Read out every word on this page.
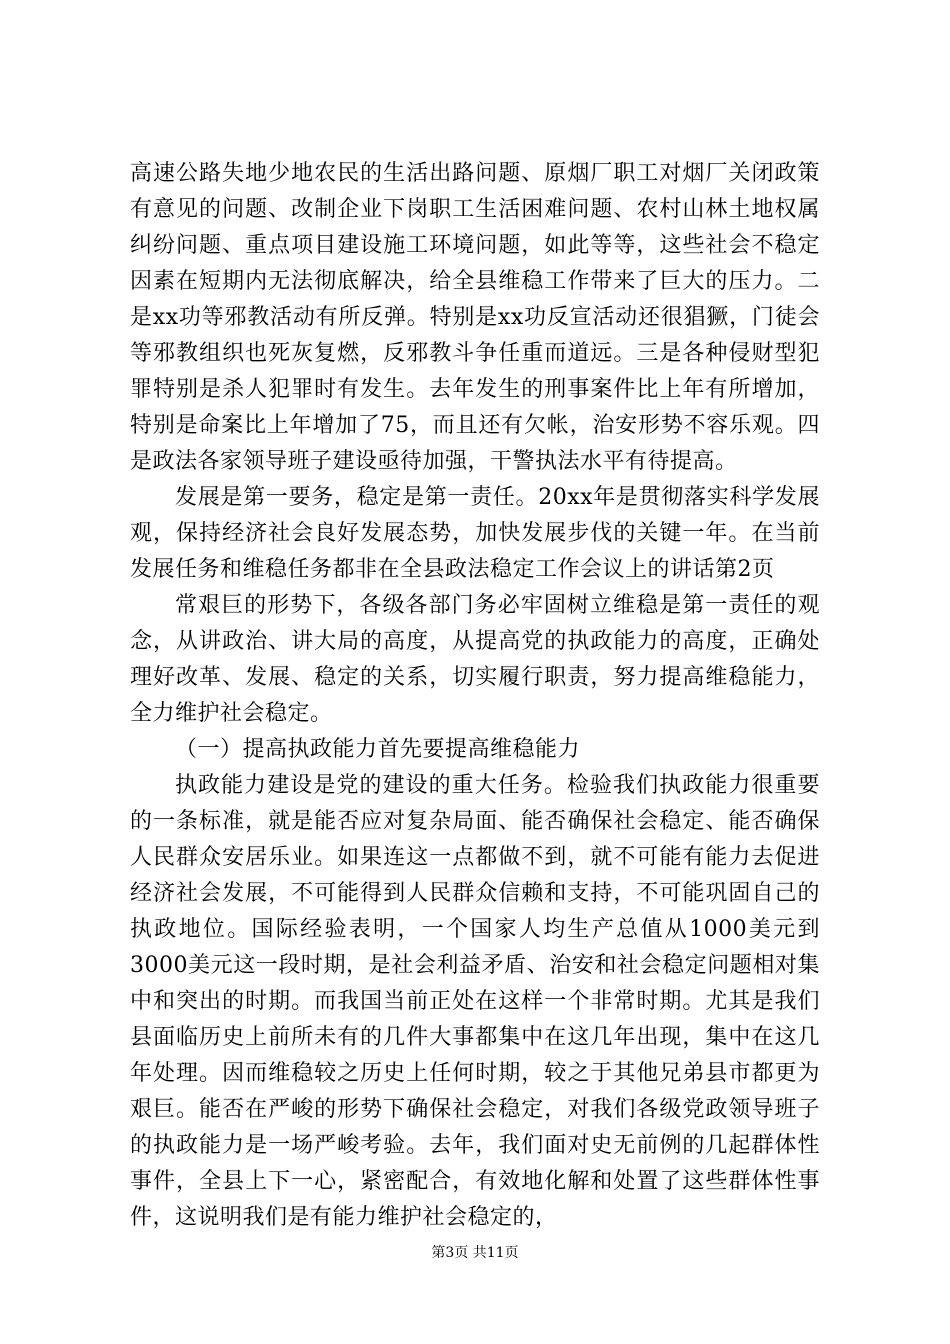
高速公路失地少地农民的生活出路问题、原烟厂职工对烟厂关闭政策有意见的问题、改制企业下岗职工生活困难问题、农村山林土地权属纠纷问题、重点项目建设施工环境问题，如此等等，这些社会不稳定因素在短期内无法彻底解决，给全县维稳工作带来了巨大的压力。二是xx功等邪教活动有所反弹。特别是xx功反宣活动还很猖獗，门徒会等邪教组织也死灰复燃，反邪教斗争任重而道远。三是各种侵财型犯罪特别是杀人犯罪时有发生。去年发生的刑事案件比上年有所增加，特别是命案比上年增加了75，而且还有欠帐，治安形势不容乐观。四是政法各家领导班子建设亟待加强，干警执法水平有待提高。

发展是第一要务，稳定是第一责任。20xx年是贯彻落实科学发展观，保持经济社会良好发展态势，加快发展步伐的关键一年。在当前发展任务和维稳任务都非在全县政法稳定工作会议上的讲话第2页

常艰巨的形势下，各级各部门务必牢固树立维稳是第一责任的观念，从讲政治、讲大局的高度，从提高党的执政能力的高度，正确处理好改革、发展、稳定的关系，切实履行职责，努力提高维稳能力，全力维护社会稳定。

（一）提高执政能力首先要提高维稳能力

执政能力建设是党的建设的重大任务。检验我们执政能力很重要的一条标准，就是能否应对复杂局面、能否确保社会稳定、能否确保人民群众安居乐业。如果连这一点都做不到，就不可能有能力去促进经济社会发展，不可能得到人民群众信赖和支持，不可能巩固自己的执政地位。国际经验表明，一个国家人均生产总值从1000美元到3000美元这一段时期，是社会利益矛盾、治安和社会稳定问题相对集中和突出的时期。而我国当前正处在这样一个非常时期。尤其是我们县面临历史上前所未有的几件大事都集中在这几年出现，集中在这几年处理。因而维稳较之历史上任何时期，较之于其他兄弟县市都更为艰巨。能否在严峻的形势下确保社会稳定，对我们各级党政领导班子的执政能力是一场严峻考验。去年，我们面对史无前例的几起群体性事件，全县上下一心，紧密配合，有效地化解和处置了这些群体性事件，这说明我们是有能力维护社会稳定的，

第3页 共11页
